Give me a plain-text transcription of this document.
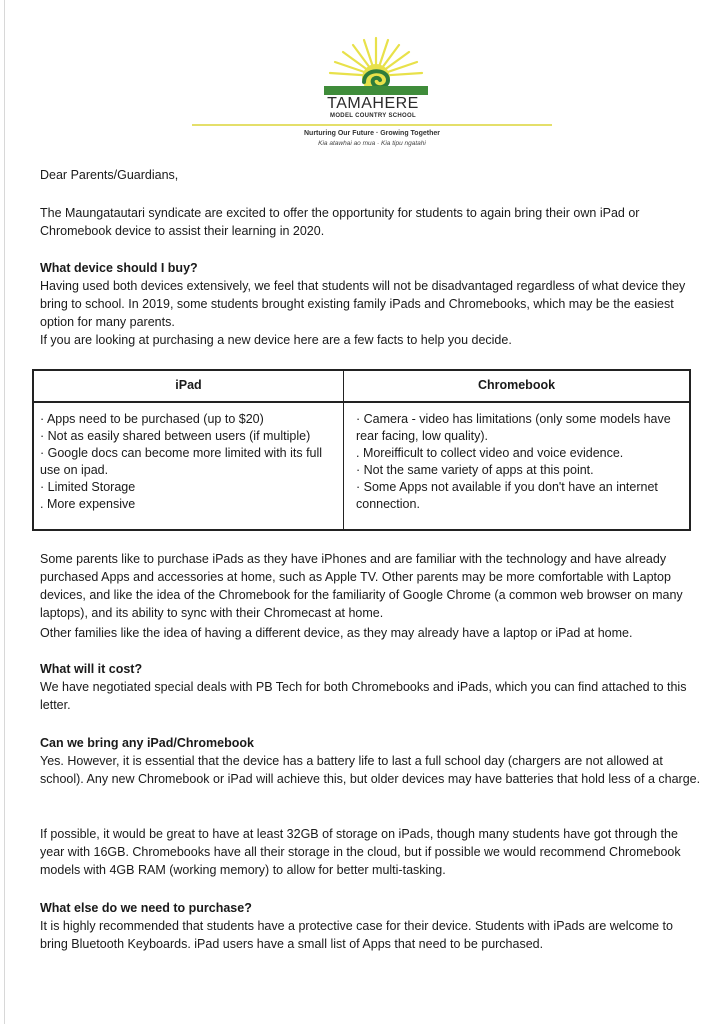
TAMAHERE
MODEL COUNTRY SCHOOL
Nurturing Our Future · Growing Together
Kia atawhai ao mua · Kia tipu ngatahi

Dear Parents/Guardians,

The Maungatautari syndicate are excited to offer the opportunity for students to again bring their own iPad or Chromebook device to assist their learning in 2020.

What device should I buy?

Having used both devices extensively, we feel that students will not be disadvantaged regardless of what device they bring to school. In 2019, some students brought existing family iPads and Chromebooks, which may be the easiest option for many parents.

If you are looking at purchasing a new device here are a few facts to help you decide.

iPad	Chromebook
· Apps need to be purchased (up to $20)
· Not as easily shared between users (if multiple)
· Google docs can become more limited with its full use on ipad.
· Limited Storage
. More expensive
· Camera - video has limitations (only some models have rear facing, low quality).
. Moreifficult to collect video and voice evidence.
· Not the same variety of apps at this point.
· Some Apps not available if you don't have an internet connection.

Some parents like to purchase iPads as they have iPhones and are familiar with the technology and have already purchased Apps and accessories at home, such as Apple TV. Other parents may be more comfortable with Laptop devices, and like the idea of the Chromebook for the familiarity of Google Chrome (a common web browser on many laptops), and its ability to sync with their Chromecast at home.

Other families like the idea of having a different device, as they may already have a laptop or iPad at home.

What will it cost?

We have negotiated special deals with PB Tech for both Chromebooks and iPads, which you can find attached to this letter.

Can we bring any iPad/Chromebook

Yes. However, it is essential that the device has a battery life to last a full school day (chargers are not allowed at school). Any new Chromebook or iPad will achieve this, but older devices may have batteries that hold less of a charge.

If possible, it would be great to have at least 32GB of storage on iPads, though many students have got through the year with 16GB. Chromebooks have all their storage in the cloud, but if possible we would recommend Chromebook models with 4GB RAM (working memory) to allow for better multi-tasking.

What else do we need to purchase?

It is highly recommended that students have a protective case for their device. Students with iPads are welcome to bring Bluetooth Keyboards. iPad users have a small list of Apps that need to be purchased.
